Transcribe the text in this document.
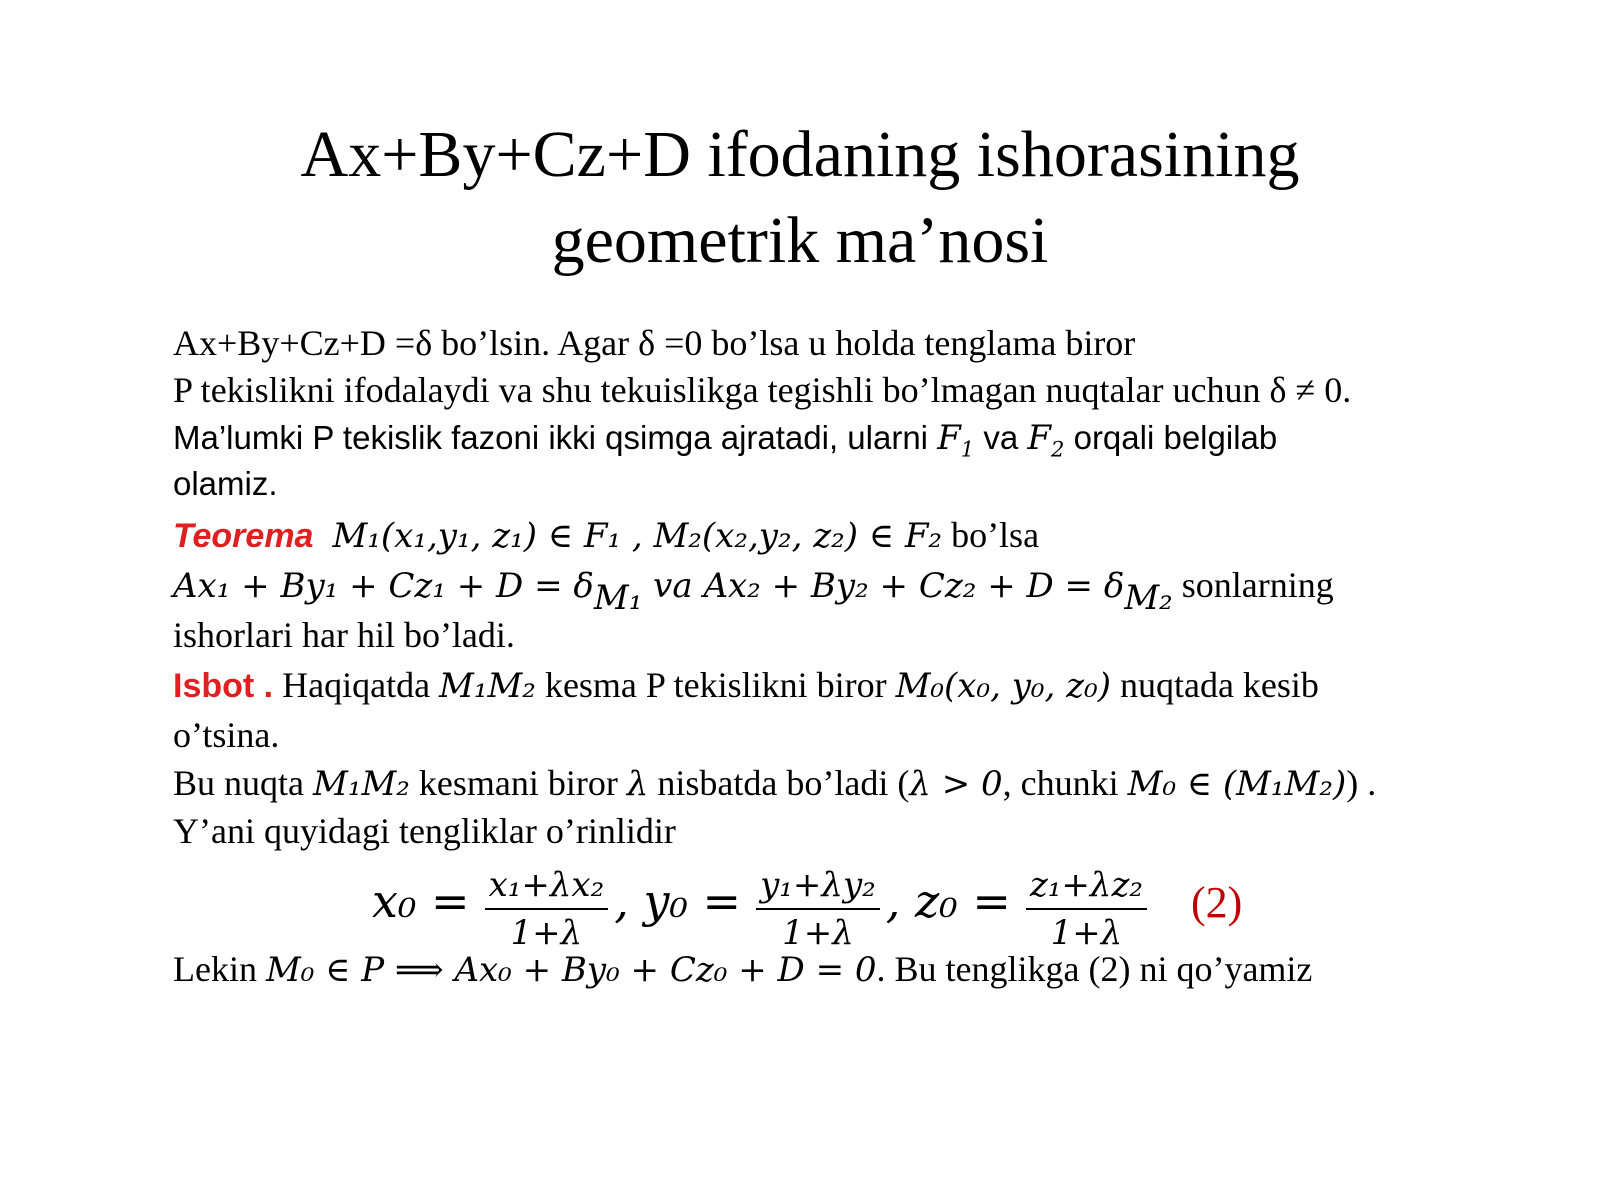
Ax+By+Cz+D ifodaning ishorasining
geometrik ma’nosi
Ax+By+Cz+D =δ bo’lsin. Agar δ =0 bo’lsa u holda tenglama biror
P tekislikni ifodalaydi va shu tekuislikga tegishli bo’lmagan nuqtalar uchun δ ≠ 0.
Ma’lumki P tekislik fazoni ikki qsimga ajratadi, ularni $F_1$ va $F_2$ orqali belgilab
olamiz.
Teorema M₁(x₁,y₁, z₁) ∈ F₁ , M₂(x₂,y₂, z₂) ∈ F₂ bo’lsa
$Ax_1 + By_1 + Cz_1 + D = \delta_{M_1}$ va $Ax_2 + By_2 + Cz_2 + D = \delta_{M_2}$ sonlarning
ishorlari har hil bo’ladi.
Isbot . Haqiqatda M₁M₂ kesma P tekislikni biror M₀(x₀, y₀, z₀) nuqtada kesib
o’tsina.
Bu nuqta M₁M₂ kesmani biror λ nisbatda bo’ladi (λ > 0, chunki M₀ ∈ (M₁M₂)) .
Y’ani quyidagi tengliklar o’rinlidir
$x_0 = \frac{\text{x₁+λx₂}}{1+\lambda}$ , $y_0 = \frac{\text{y₁+λy₂}}{1+\lambda}$ , $z_0 = \frac{\text{z₁+λz₂}}{1+\lambda} (2)$
Lekin M₀ ∈ P ⟹ Ax₀ + By₀ + Cz₀ + D = 0. Bu tenglikga (2) ni qo’yamiz
